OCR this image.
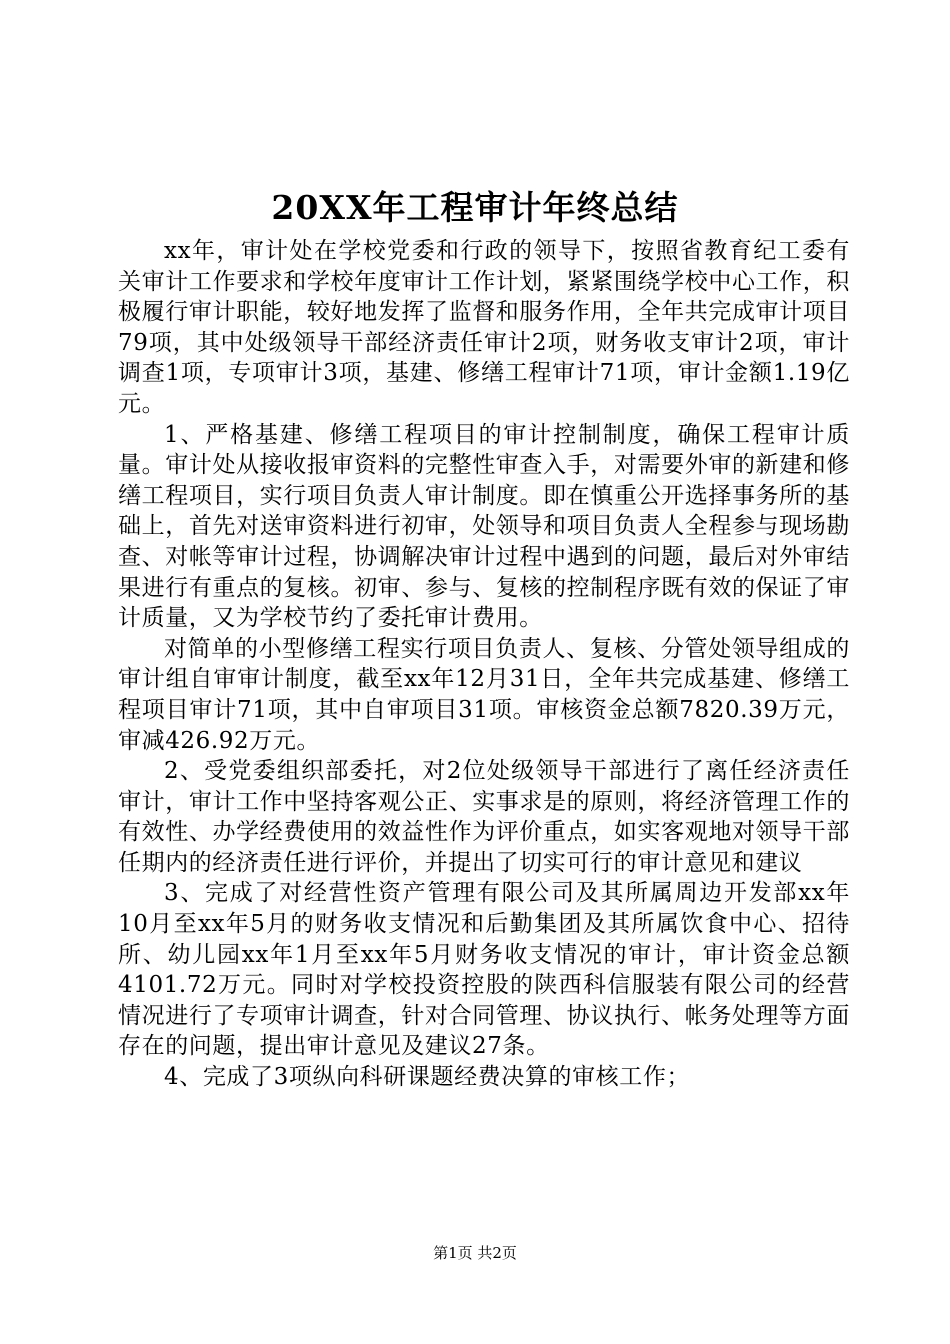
20XX年工程审计年终总结

xx年，审计处在学校党委和行政的领导下，按照省教育纪工委有关审计工作要求和学校年度审计工作计划，紧紧围绕学校中心工作，积极履行审计职能，较好地发挥了监督和服务作用，全年共完成审计项目79项，其中处级领导干部经济责任审计2项，财务收支审计2项，审计调查1项，专项审计3项，基建、修缮工程审计71项，审计金额1.19亿元。

1、严格基建、修缮工程项目的审计控制制度，确保工程审计质量。审计处从接收报审资料的完整性审查入手，对需要外审的新建和修缮工程项目，实行项目负责人审计制度。即在慎重公开选择事务所的基础上，首先对送审资料进行初审，处领导和项目负责人全程参与现场勘查、对帐等审计过程，协调解决审计过程中遇到的问题，最后对外审结果进行有重点的复核。初审、参与、复核的控制程序既有效的保证了审计质量，又为学校节约了委托审计费用。

对简单的小型修缮工程实行项目负责人、复核、分管处领导组成的审计组自审审计制度，截至xx年12月31日，全年共完成基建、修缮工程项目审计71项，其中自审项目31项。审核资金总额7820.39万元，审减426.92万元。

2、受党委组织部委托，对2位处级领导干部进行了离任经济责任审计，审计工作中坚持客观公正、实事求是的原则，将经济管理工作的有效性、办学经费使用的效益性作为评价重点，如实客观地对领导干部任期内的经济责任进行评价，并提出了切实可行的审计意见和建议

3、完成了对经营性资产管理有限公司及其所属周边开发部xx年10月至xx年5月的财务收支情况和后勤集团及其所属饮食中心、招待所、幼儿园xx年1月至xx年5月财务收支情况的审计，审计资金总额4101.72万元。同时对学校投资控股的陕西科信服装有限公司的经营情况进行了专项审计调查，针对合同管理、协议执行、帐务处理等方面存在的问题，提出审计意见及建议27条。

4、完成了3项纵向科研课题经费决算的审核工作；

第1页 共2页
